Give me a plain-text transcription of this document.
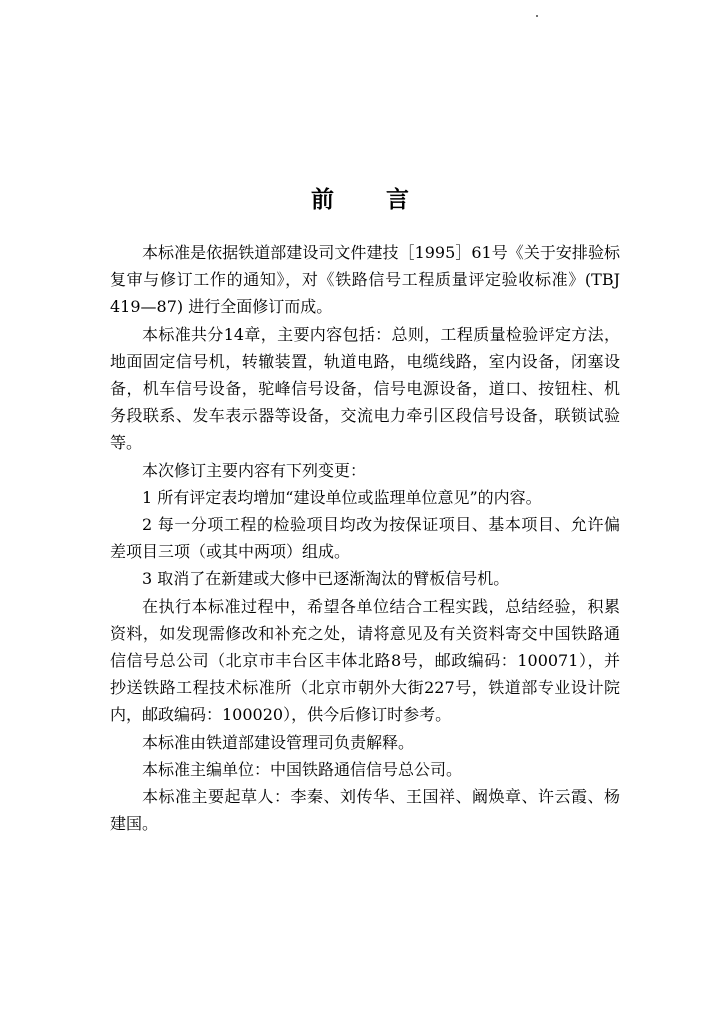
前 言

本标准是依据铁道部建设司文件建技［1995］61号《关于安排验标复审与修订工作的通知》，对《铁路信号工程质量评定验收标准》(TBJ 419—87) 进行全面修订而成。

本标准共分14章，主要内容包括：总则，工程质量检验评定方法，地面固定信号机，转辙装置，轨道电路，电缆线路，室内设备，闭塞设备，机车信号设备，驼峰信号设备，信号电源设备，道口、按钮柱、机务段联系、发车表示器等设备，交流电力牵引区段信号设备，联锁试验等。

本次修订主要内容有下列变更：

1 所有评定表均增加“建设单位或监理单位意见”的内容。

2 每一分项工程的检验项目均改为按保证项目、基本项目、允许偏差项目三项（或其中两项）组成。

3 取消了在新建或大修中已逐渐淘汰的臂板信号机。

在执行本标准过程中，希望各单位结合工程实践，总结经验，积累资料，如发现需修改和补充之处，请将意见及有关资料寄交中国铁路通信信号总公司（北京市丰台区丰体北路8号，邮政编码：100071），并抄送铁路工程技术标准所（北京市朝外大街227号，铁道部专业设计院内，邮政编码：100020），供今后修订时参考。

本标准由铁道部建设管理司负责解释。

本标准主编单位：中国铁路通信信号总公司。

本标准主要起草人：李秦、刘传华、王国祥、阚焕章、许云霞、杨建国。
